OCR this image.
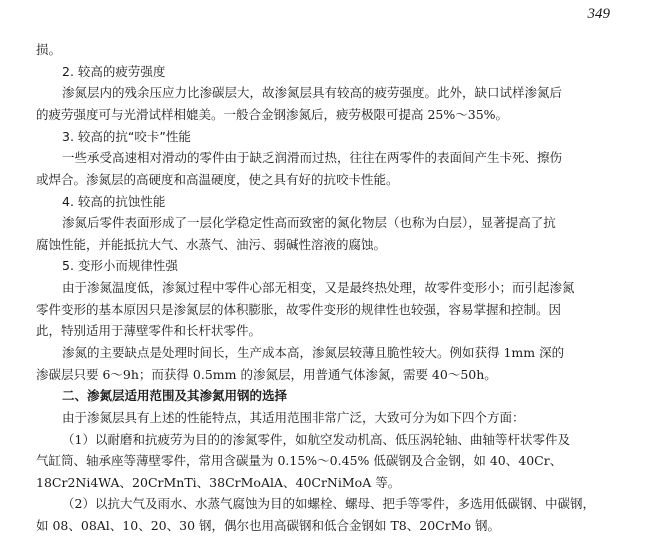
349
损。
2. 较高的疲劳强度
渗氮层内的残余压应力比渗碳层大，故渗氮层具有较高的疲劳强度。此外，缺口试样渗氮后
的疲劳强度可与光滑试样相媲美。一般合金钢渗氮后，疲劳极限可提高 25%～35%。
3. 较高的抗“咬卡”性能
一些承受高速相对滑动的零件由于缺乏润滑而过热，往往在两零件的表面间产生卡死、擦伤
或焊合。渗氮层的高硬度和高温硬度，使之具有好的抗咬卡性能。
4. 较高的抗蚀性能
渗氮后零件表面形成了一层化学稳定性高而致密的氮化物层（也称为白层），显著提高了抗
腐蚀性能，并能抵抗大气、水蒸气、油污、弱碱性溶液的腐蚀。
5. 变形小而规律性强
由于渗氮温度低，渗氮过程中零件心部无相变，又是最终热处理，故零件变形小；而引起渗氮
零件变形的基本原因只是渗氮层的体积膨胀，故零件变形的规律性也较强，容易掌握和控制。因
此，特别适用于薄壁零件和长杆状零件。
渗氮的主要缺点是处理时间长，生产成本高，渗氮层较薄且脆性较大。例如获得 1mm 深的
渗碳层只要 6～9h；而获得 0.5mm 的渗氮层，用普通气体渗氮，需要 40～50h。
二、渗氮层适用范围及其渗氮用钢的选择
由于渗氮层具有上述的性能特点，其适用范围非常广泛，大致可分为如下四个方面：
（1）以耐磨和抗疲劳为目的的渗氮零件，如航空发动机高、低压涡轮轴、曲轴等杆状零件及
气缸筒、轴承座等薄壁零件，常用含碳量为 0.15%～0.45% 低碳钢及合金钢，如 40、40Cr、
18Cr2Ni4WA、20CrMnTi、38CrMoAlA、40CrNiMoA 等。
（2）以抗大气及雨水、水蒸气腐蚀为目的如螺栓、螺母、把手等零件，多选用低碳钢、中碳钢，
如 08、08Al、10、20、30 钢，偶尔也用高碳钢和低合金钢如 T8、20CrMo 钢。
